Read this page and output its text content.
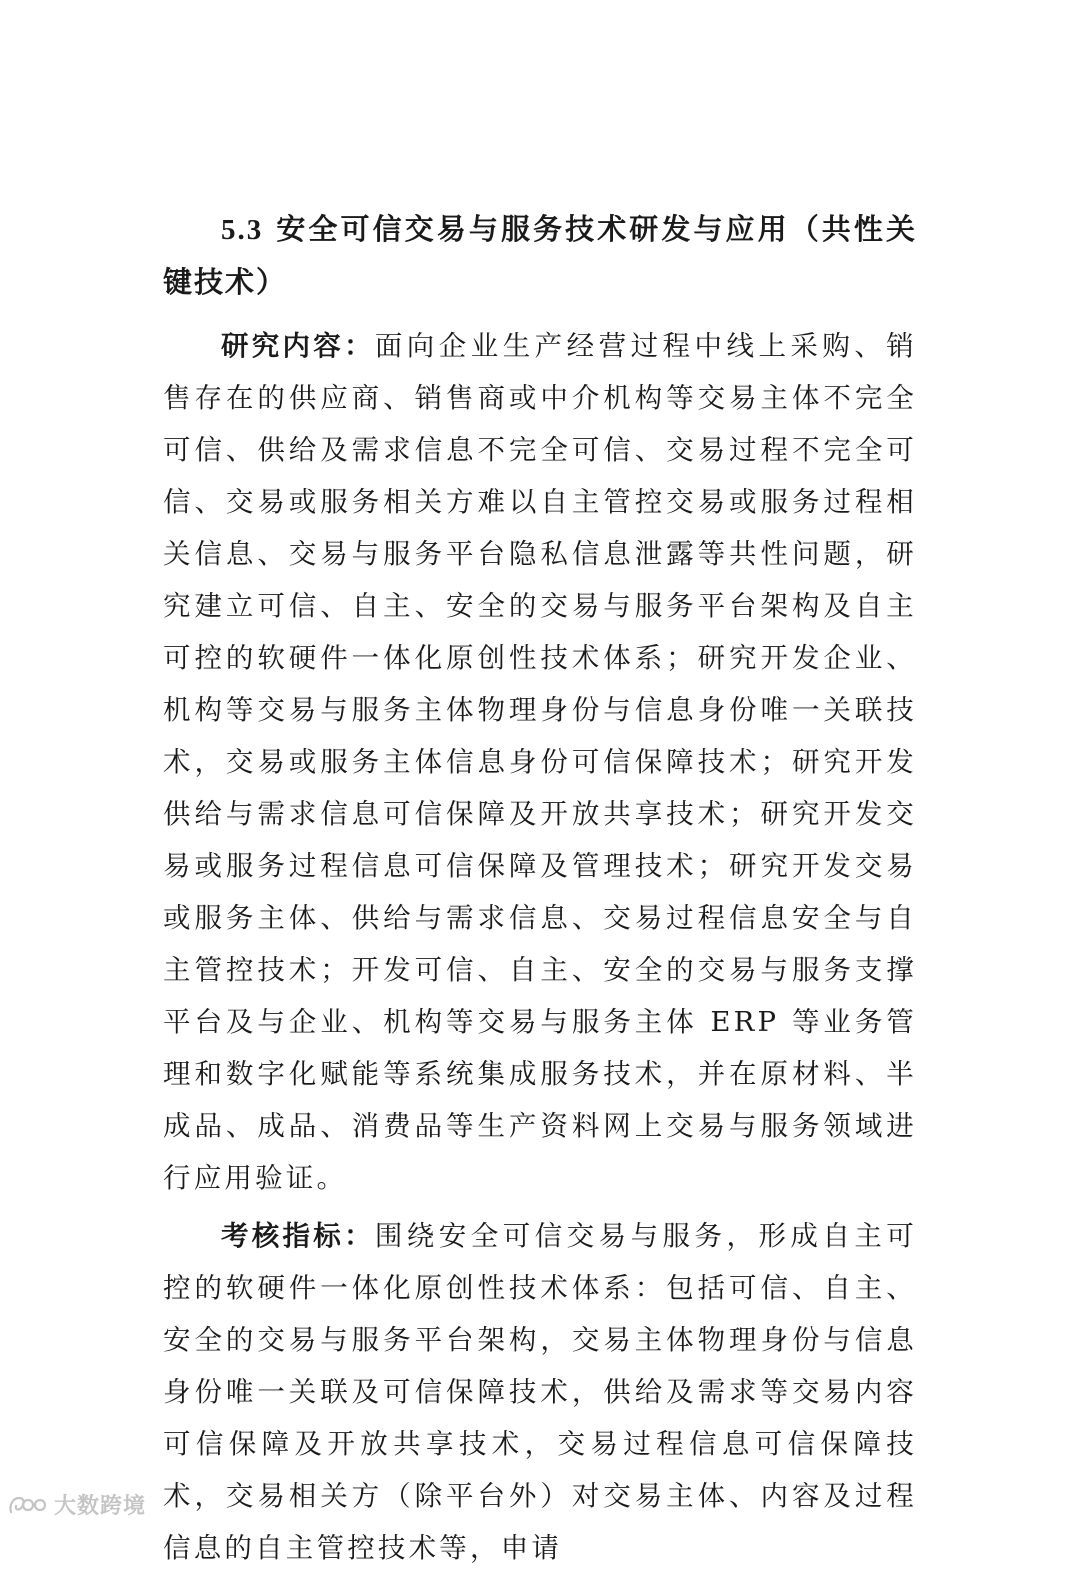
5.3 安全可信交易与服务技术研发与应用（共性关键技术）

研究内容：面向企业生产经营过程中线上采购、销售存在的供应商、销售商或中介机构等交易主体不完全可信、供给及需求信息不完全可信、交易过程不完全可信、交易或服务相关方难以自主管控交易或服务过程相关信息、交易与服务平台隐私信息泄露等共性问题，研究建立可信、自主、安全的交易与服务平台架构及自主可控的软硬件一体化原创性技术体系；研究开发企业、机构等交易与服务主体物理身份与信息身份唯一关联技术，交易或服务主体信息身份可信保障技术；研究开发供给与需求信息可信保障及开放共享技术；研究开发交易或服务过程信息可信保障及管理技术；研究开发交易或服务主体、供给与需求信息、交易过程信息安全与自主管控技术；开发可信、自主、安全的交易与服务支撑平台及与企业、机构等交易与服务主体 ERP 等业务管理和数字化赋能等系统集成服务技术，并在原材料、半成品、成品、消费品等生产资料网上交易与服务领域进行应用验证。

考核指标：围绕安全可信交易与服务，形成自主可控的软硬件一体化原创性技术体系：包括可信、自主、安全的交易与服务平台架构，交易主体物理身份与信息身份唯一关联及可信保障技术，供给及需求等交易内容可信保障及开放共享技术，交易过程信息可信保障技术，交易相关方（除平台外）对交易主体、内容及过程信息的自主管控技术等，申请

大数跨境
